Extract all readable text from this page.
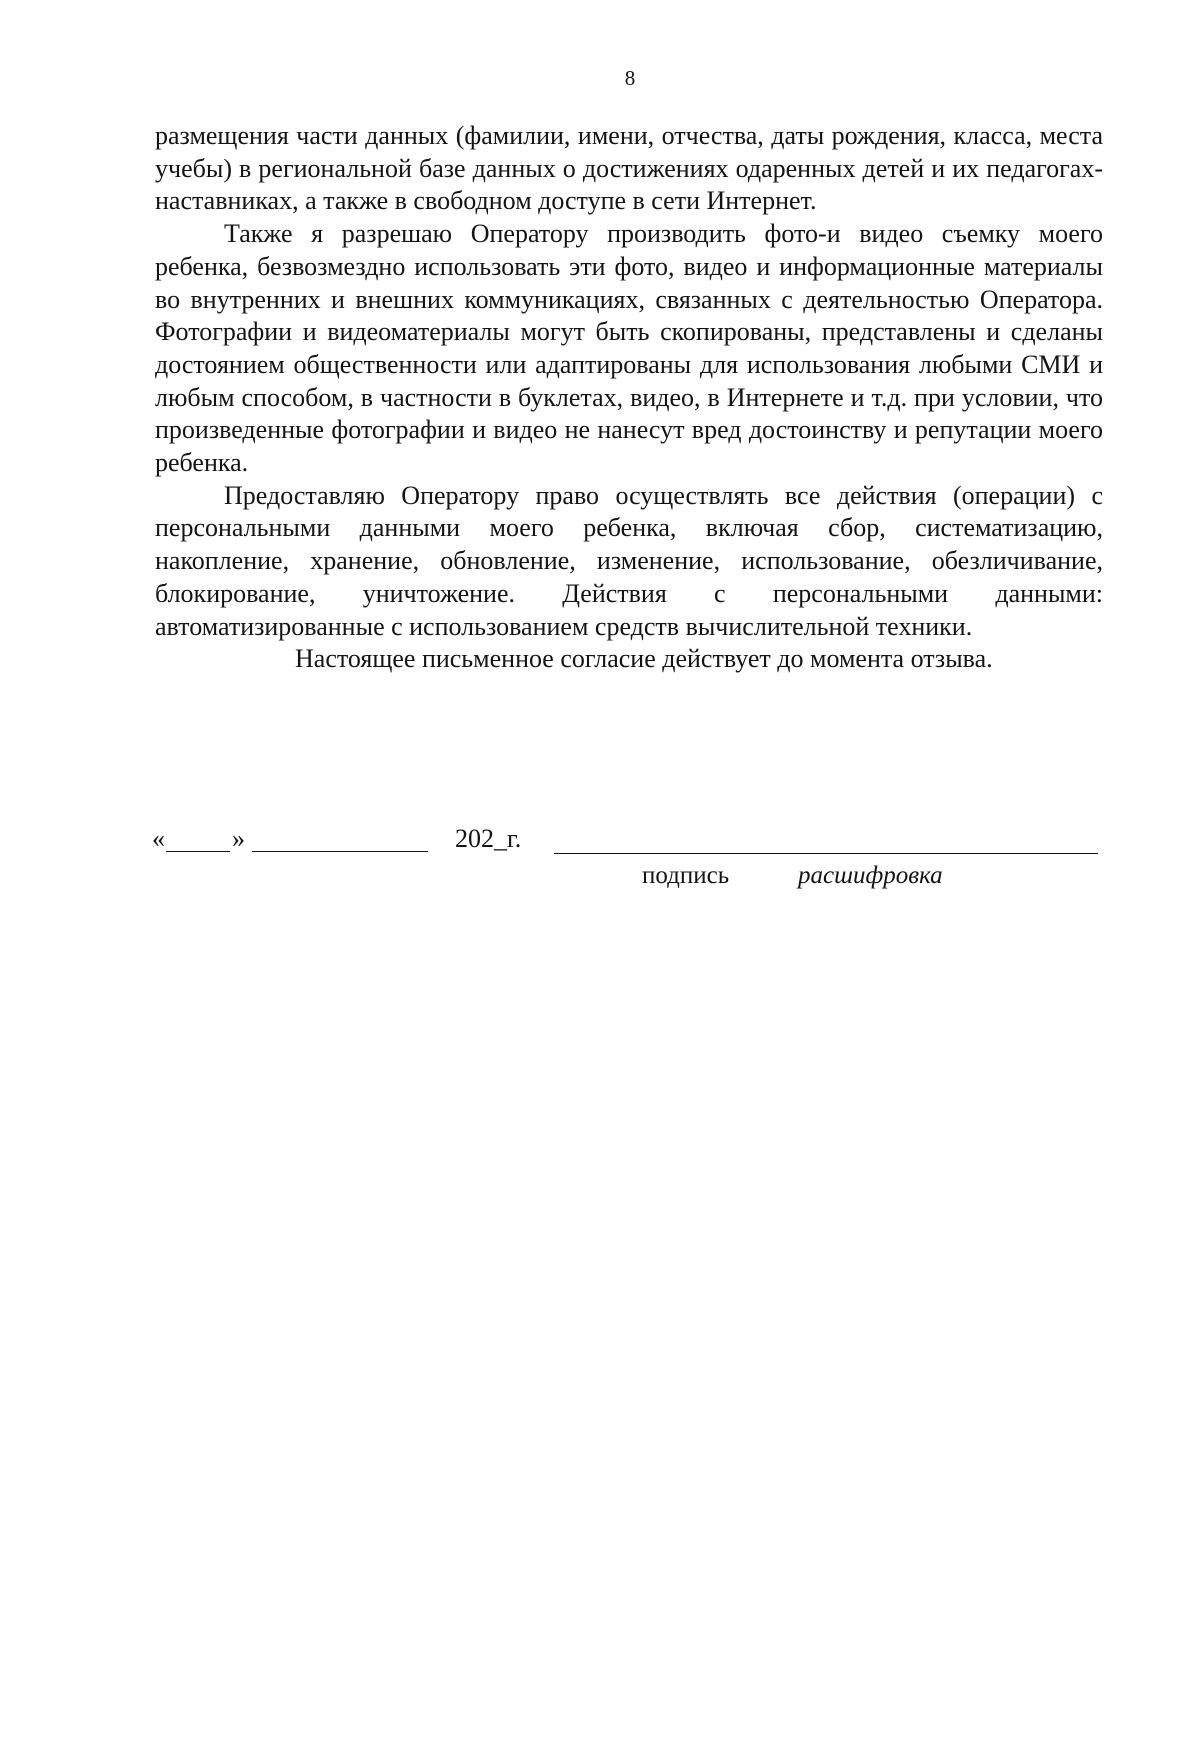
8

размещения части данных (фамилии, имени, отчества, даты рождения, класса, места учебы) в региональной базе данных о достижениях одаренных детей и их педагогах-наставниках, а также в свободном доступе в сети Интернет.

Также я разрешаю Оператору производить фото-и видео съемку моего ребенка, безвозмездно использовать эти фото, видео и информационные материалы во внутренних и внешних коммуникациях, связанных с деятельностью Оператора. Фотографии и видеоматериалы могут быть скопированы, представлены и сделаны достоянием общественности или адаптированы для использования любыми СМИ и любым способом, в частности в буклетах, видео, в Интернете и т.д. при условии, что произведенные фотографии и видео не нанесут вред достоинству и репутации моего ребенка.

Предоставляю Оператору право осуществлять все действия (операции) с персональными данными моего ребенка, включая сбор, систематизацию, накопление, хранение, обновление, изменение, использование, обезличивание, блокирование, уничтожение. Действия с персональными данными: автоматизированные с использованием средств вычислительной техники.

Настоящее письменное согласие действует до момента отзыва.

«	»	202_г.
подпись	расшифровка
